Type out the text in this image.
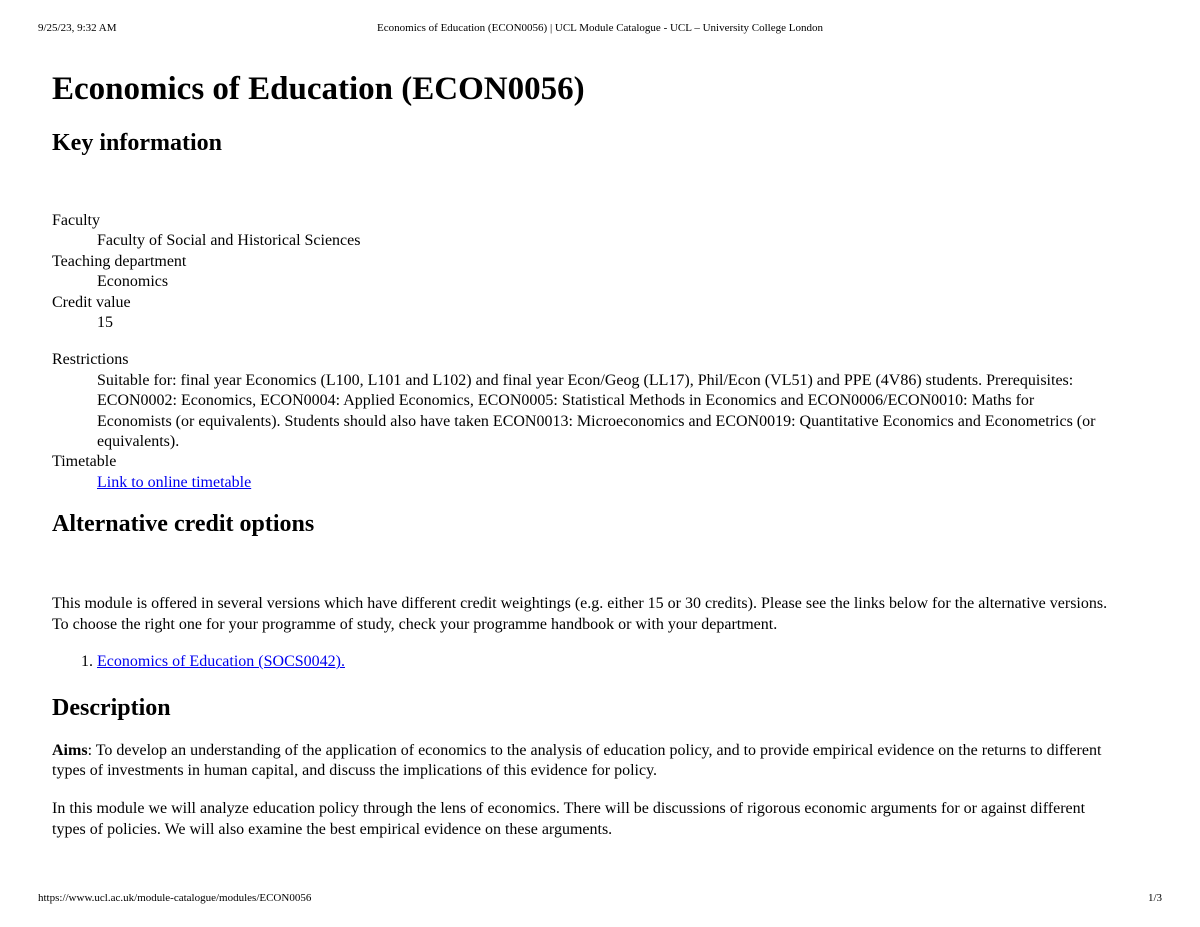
9/25/23, 9:32 AM	Economics of Education (ECON0056) | UCL Module Catalogue - UCL – University College London
Economics of Education (ECON0056)
Key information
Faculty
Faculty of Social and Historical Sciences
Teaching department
Economics
Credit value
15
Restrictions
Suitable for: final year Economics (L100, L101 and L102) and final year Econ/Geog (LL17), Phil/Econ (VL51) and PPE (4V86) students. Prerequisites: ECON0002: Economics, ECON0004: Applied Economics, ECON0005: Statistical Methods in Economics and ECON0006/ECON0010: Maths for Economists (or equivalents). Students should also have taken ECON0013: Microeconomics and ECON0019: Quantitative Economics and Econometrics (or equivalents).
Timetable
Link to online timetable
Alternative credit options

This module is offered in several versions which have different credit weightings (e.g. either 15 or 30 credits). Please see the links below for the alternative versions. To choose the right one for your programme of study, check your programme handbook or with your department.

1. Economics of Education (SOCS0042).
Description

Aims: To develop an understanding of the application of economics to the analysis of education policy, and to provide empirical evidence on the returns to different types of investments in human capital, and discuss the implications of this evidence for policy.

In this module we will analyze education policy through the lens of economics. There will be discussions of rigorous economic arguments for or against different types of policies. We will also examine the best empirical evidence on these arguments.

https://www.ucl.ac.uk/module-catalogue/modules/ECON0056	1/3
